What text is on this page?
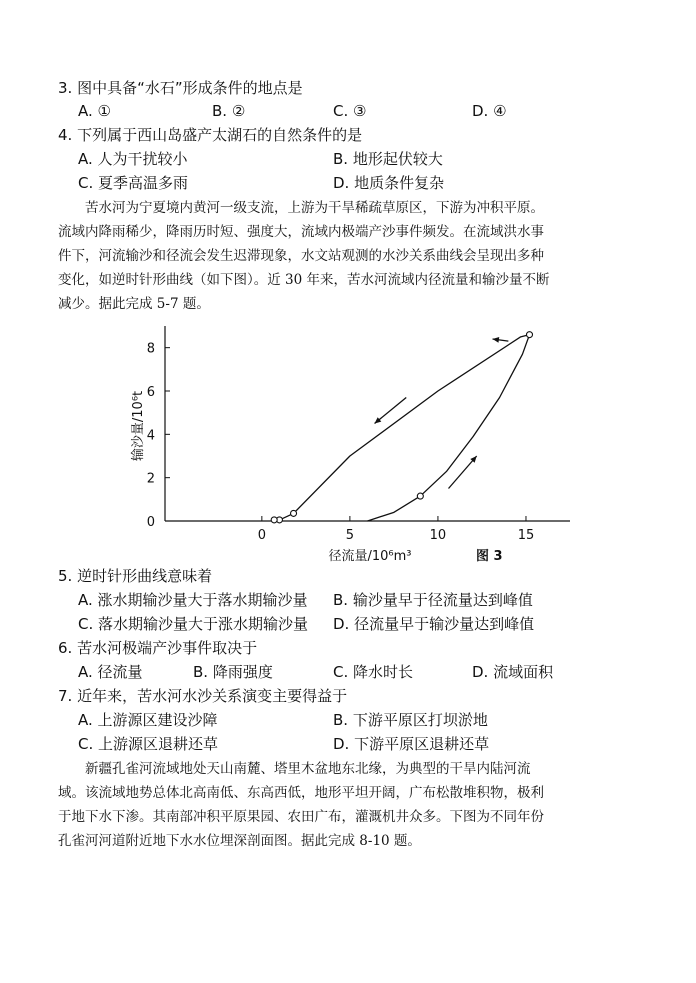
3. 图中具备“水石”形成条件的地点是
A. ①	B. ②	C. ③	D. ④
4. 下列属于西山岛盛产太湖石的自然条件的是
A. 人为干扰较小	B. 地形起伏较大
C. 夏季高温多雨	D. 地质条件复杂
苦水河为宁夏境内黄河一级支流，上游为干旱稀疏草原区，下游为冲积平原。
流域内降雨稀少，降雨历时短、强度大，流域内极端产沙事件频发。在流域洪水事
件下，河流输沙和径流会发生迟滞现象，水文站观测的水沙关系曲线会呈现出多种
变化，如逆时针形曲线（如下图）。近 30 年来，苦水河流域内径流量和输沙量不断
减少。据此完成 5-7 题。
0
2
4
6
8
0	5	10	15
输沙量/10⁶t
径流量/10⁶m³	图 3
5. 逆时针形曲线意味着
A. 涨水期输沙量大于落水期输沙量 B. 输沙量早于径流量达到峰值
C. 落水期输沙量大于涨水期输沙量 D. 径流量早于输沙量达到峰值
6. 苦水河极端产沙事件取决于
A. 径流量	B. 降雨强度	C. 降水时长	D. 流域面积
7. 近年来，苦水河水沙关系演变主要得益于
A. 上游源区建设沙障	B. 下游平原区打坝淤地
C. 上游源区退耕还草	D. 下游平原区退耕还草
新疆孔雀河流域地处天山南麓、塔里木盆地东北缘，为典型的干旱内陆河流
域。该流域地势总体北高南低、东高西低，地形平坦开阔，广布松散堆积物，极利
于地下水下渗。其南部冲积平原果园、农田广布，灌溉机井众多。下图为不同年份
孔雀河河道附近地下水水位埋深剖面图。据此完成 8-10 题。
